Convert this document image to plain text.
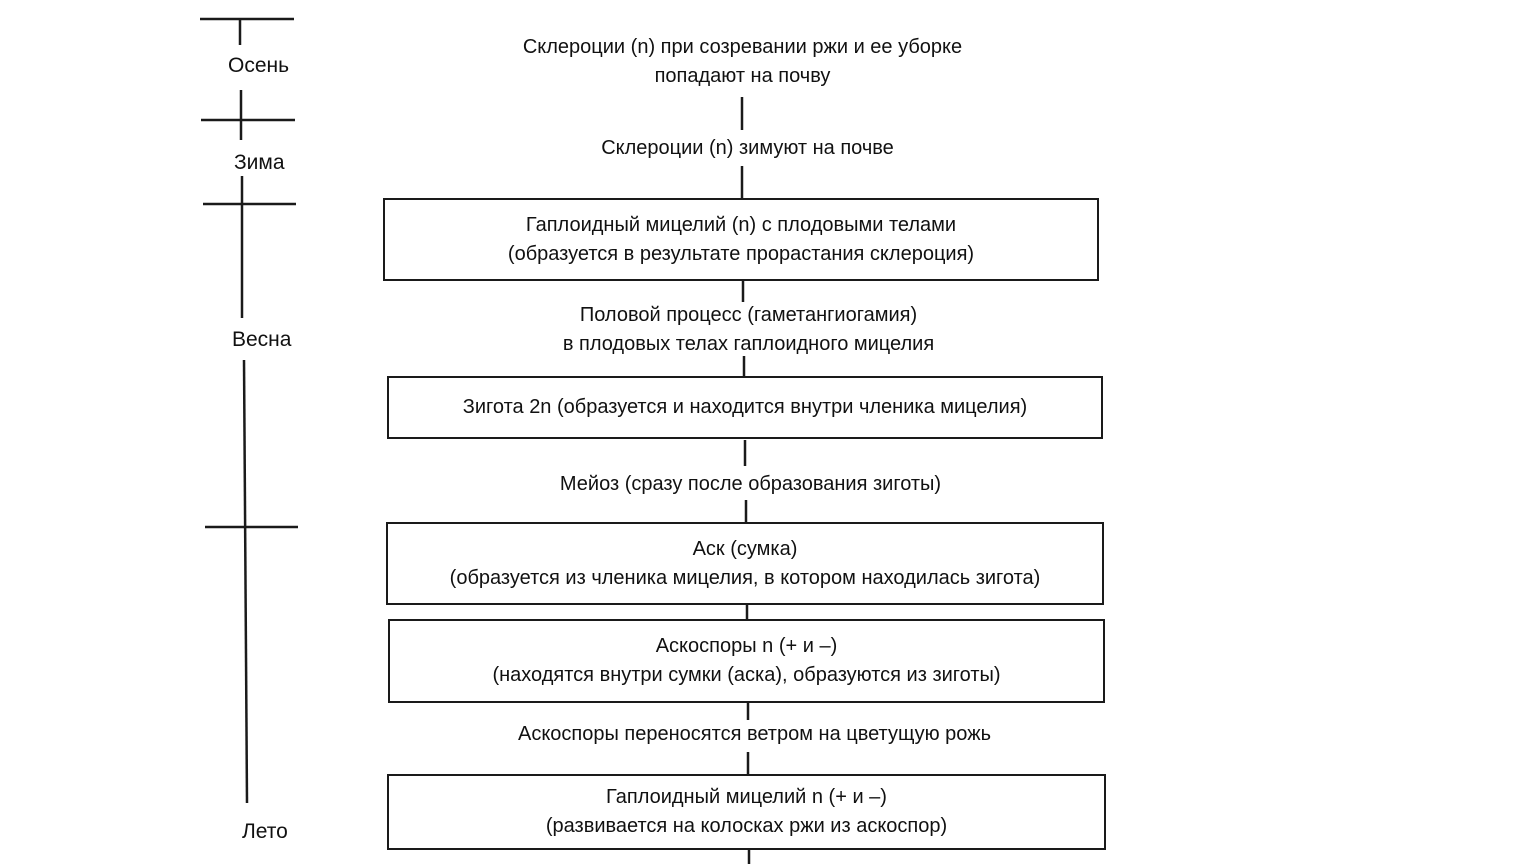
Осень
Зима
Весна
Лето
Склероции (n) при созревании ржи и ее уборке
попадают на почву
Склероции (n) зимуют на почве
Половой процесс (гаметангиогамия)
в плодовых телах гаплоидного мицелия
Мейоз (сразу после образования зиготы)
Аскоспоры переносятся ветром на цветущую рожь
Гаплоидный мицелий (n) с плодовыми телами
(образуется в результате прорастания склероция)
Зигота 2n (образуется и находится внутри членика мицелия)
Аск (сумка)
(образуется из членика мицелия, в котором находилась зигота)
Аскоспоры n (+ и –)
(находятся внутри сумки (аска), образуются из зиготы)
Гаплоидный мицелий n (+ и –)
(развивается на колосках ржи из аскоспор)
